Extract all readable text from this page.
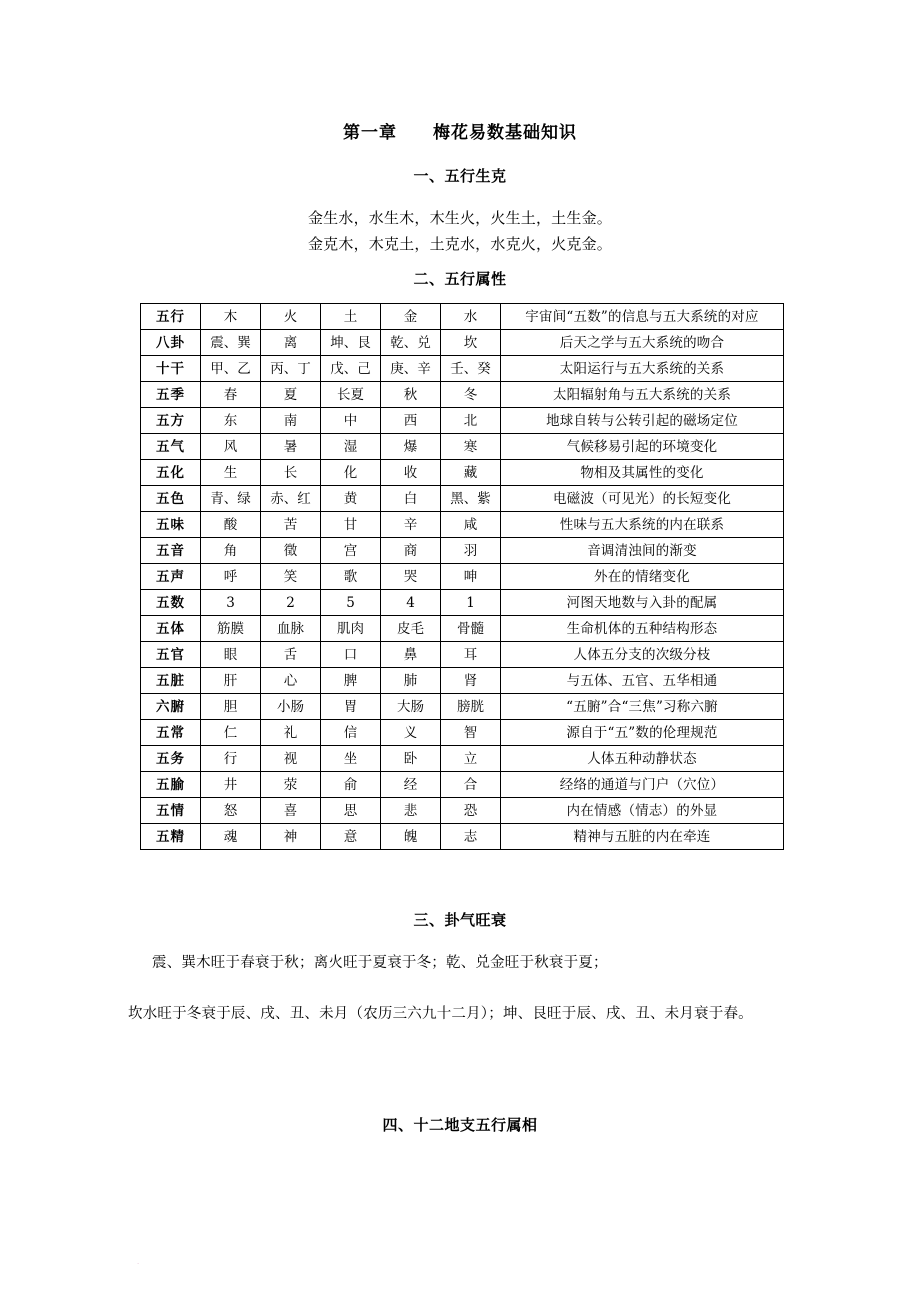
第一章　　梅花易数基础知识
一、五行生克
金生水，水生木，木生火，火生土，土生金。
金克木，木克土，土克水，水克火，火克金。
二、五行属性
五行	木	火	土	金	水	宇宙间“五数”的信息与五大系统的对应
八卦	震、巽	离	坤、艮	乾、兑	坎	后天之学与五大系统的吻合
十干	甲、乙	丙、丁	戊、己	庚、辛	壬、癸	太阳运行与五大系统的关系
五季	春	夏	长夏	秋	冬	太阳辐射角与五大系统的关系
五方	东	南	中	西	北	地球自转与公转引起的磁场定位
五气	风	暑	湿	爆	寒	气候移易引起的环境变化
五化	生	长	化	收	藏	物相及其属性的变化
五色	青、绿	赤、红	黄	白	黑、紫	电磁波（可见光）的长短变化
五味	酸	苦	甘	辛	咸	性味与五大系统的内在联系
五音	角	徵	宫	商	羽	音调清浊间的渐变
五声	呼	笑	歌	哭	呻	外在的情绪变化
五数	3	2	5	4	1	河图天地数与入卦的配属
五体	筋膜	血脉	肌肉	皮毛	骨髓	生命机体的五种结构形态
五官	眼	舌	口	鼻	耳	人体五分支的次级分枝
五脏	肝	心	脾	肺	肾	与五体、五官、五华相通
六腑	胆	小肠	胃	大肠	膀胱	“五腑”合“三焦”习称六腑
五常	仁	礼	信	义	智	源自于“五”数的伦理规范
五务	行	视	坐	卧	立	人体五种动静状态
五腧	井	荥	俞	经	合	经络的通道与门户（穴位）
五情	怒	喜	思	悲	恐	内在情感（情志）的外显
五精	魂	神	意	魄	志	精神与五脏的内在牵连
三、卦气旺衰
震、巽木旺于春衰于秋；离火旺于夏衰于冬；乾、兑金旺于秋衰于夏；
坎水旺于冬衰于辰、戌、丑、未月（农历三六九十二月）；坤、艮旺于辰、戌、丑、未月衰于春。
四、十二地支五行属相
·
